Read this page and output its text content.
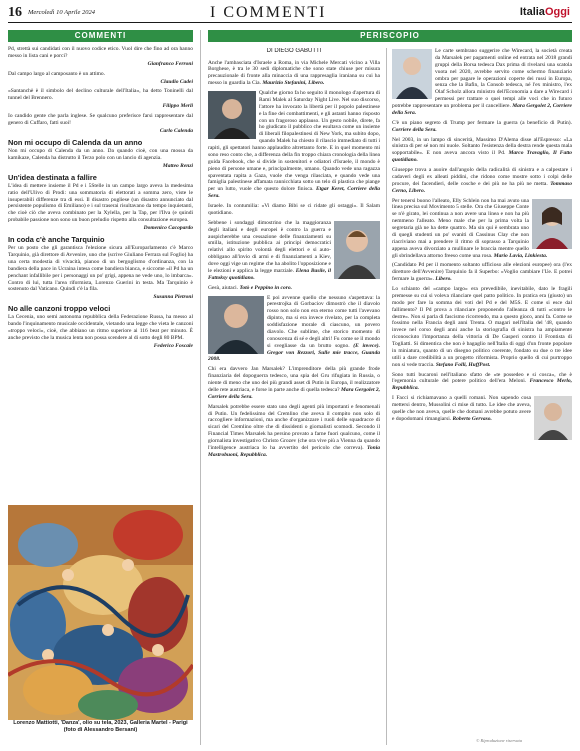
16 Mercoledì 10 Aprile 2024	I COMMENTI	ItaliaOggi
COMMENTI	PERISCOPIO

Pd, strettà sui candidati con il nuovo codice etico. Vuol dire che fino ad ora hanno messo in lista cani e porci?
Gianfranco Ferroni

Dal campo largo al camposanto è un attimo.
Claudio Cadei

«Santanchè è il simbolo del declino culturale dell'Italia», ha detto Toninelli dal tunnel del Brennero.
Filippo Merli

Io candido gente che parla inglese. Se qualcuno preferisce farsi rappresentare dal genero di Cuffaro, fatti suoi!
Carlo Calenda

Non mi occupo di Calenda da un anno

Non mi occupo di Calenda da un anno. Da quando cioè, con una mossa da kamikaze, Calenda ha distrutto il Terzo polo con un lancio di agenzia.
Matteo Renzi

Un'idea destinata a fallire

L'idea di mettere insieme il Pd e i 5Stelle in un campo largo aveva la medesima ratio dell'Ulivo di Prodi: una sommatoria di elettorati a somma zero, viste le insuperabili differenze tra di essi. Il disastro pugliese (un disastro annunciato dal persistente populismo di Emiliano) e i sul traserai risultavano da tempo inquietanti, che cioè ciò che aveva combinato per la Xylella, per la Tap, per l'Ilva (e quindi probabile passione non sono un buon preludio rispetto alla consultazione europea.
Domenico Cacopardo

In coda c'è anche Tarquinio

Per un posto che gli garantisca l'elezione sicura all'Europarlamento c'è Marco Tarquinio, già direttore di Avvenire, uno che (scrive Giuliano Ferrara sul Foglio) ha una certa modestia di vivacità, pianoo di un bergoglismo d'ordinanza, con la bandiera della pace in Ucraina intesa come bandiera bianca, e siccome «il Pd ha un penchant infallibile per i personaggi un po' grigi, appena ne vede uno, lo imbarca». Contro di lui, tutta l'area riformista, Lorenzo Guerini in testa. Ma Tarquinio è sostenuto dal Vaticano. Quindi c'è la fila.
Susanna Pietroni

No alle canzoni troppo veloci

La Cecenia, uno semi autonoma repubblica della Federazione Russa, ha messo al bando l'inquinamento musicale occidentale, vietando una legge che vieta le canzoni «troppo veloci», cioè, che abbiano un ritmo superiore ai 116 beat per minuto. È anche previsto che la musica lenta non possa scendere al di sotto degli 80 BPM.
Federico Foscale

Lorenzo Mattiotti, 'Danza', olio su tela, 2023, Galleria Martel - Parigi (foto di Alessandro Bersani)
DI DIEGO GABUTTI

Anche l'ambasciata d'Israele a Roma, in via Michele Mercati vicino a Villa Borghese, è tra le 30 sedi diplomatiche che sono state chiuse per misura precauzionale di fronte alla minaccia di una rappresaglia iraniana su cui ha messo in guardia la Cia. Maurizio Stefanini, Libero.

Qualche giorno fa ho seguito il monologo d'apertura di Rami Malek al Saturday Night Live. Nel suo discorso, l'attore ha invocato la libertà per il popolo palestinese e la fine dei combattimenti, e gli astanti hanno risposto con un fragoroso applauso. Un gesto nobile, direte, fa ho giudicato il pubblico che esultava come un insieme di liberali filopalestinesi di New York, ma subito dopo, quando Malek ha chiesto il rilascio immediato di tutti i rapiti, gli spettatori hanno applaudito altrettanto forte. E in quel momento mi sono reso conto che, a differenza della fin troppo chiara cronologia della linea guida Facebook, che si divide in sostenitori e odiatori d'Israele, il mondo è pieno di persone umane e, principalmente, umano. Quando vede una ragazza spaventata rapita a Gaza, vuole che venga rilasciata, e quando vede una famiglia palestinese affamata rannicchiata sotto un telo di plastica che piange per un lutto, vuole che questo dolore finisca. Etgar Keret, Corriere della Sera.

Israele. In contumilia: «Vi diamo Bibi se ci ridate gli ostaggi». Il Salam quotidiano.

Sebbene i sondaggi dimostrino che la maggioranza degli italiani e degli europei è contro la guerra e auspicherebbe una cessazione delle finanziamenti su smilla, istituzione pubblica ai principi democratici relativi allo spirito volontà degli elettori e si auto-obbligano all'invio di armi e di finanziamenti a Kiev, dove oggi vige un regime che ha abolito l'opposizione e le elezioni e applica la legge marziale. Elena Basile, il Fattoksy quotidiano.

Gesù, aiutaci. Totò e Peppino in coro.

E poi avvenne quello che nessuno s'aspettava: la perestrojka di Gorbaciov dimostrò che il diavolo rosso non solo non era eterno come tutti l'avevano dipinto, ma si era invece rivelato, per la completa soddisfazione morale di ciascuno, un povero diavolo. Che sublime, che storico momento di conoscenza di sé e degli altri! Fu come se il mondo si svegliasse da un brutto sogno. (E invece). Gregor von Rezzori, Sulle mie tracce, Guanda 2008.

Chi era davvero Jan Marsalek? L'imprenditore della più grande frode finanziaria del dopoguerra tedesco, una spia del Gru rifugiata in Russia, o niente di meno che uno dei più grandi asset di Putin in Europa, il realizzatore delle rete austriaca, e forse in parte anche di quella tedesca? Mara Gergolet 2, Corriere della Sera.

Marsalek potrebbe essere stato uno degli agenti più importanti e fenomenali di Putin. Un fedelissimo del Cremlino che aveva il compito non solo di raccogliere informazioni, ma anche d'organizzare i ruoli delle squadracce di sicari del Cremlino oltre che di dissidenti o giornalisti scomodi. Secondo il Financial Times Marsalek ha persino provato a farne fuori qualcuno, come il giornalista investigativo Christo Grozev (che ora vive più a Vienna da quando l'intelligence austriaca lo ha avvertito del pericolo che correva). Tonia Mastrobuoni, Repubblica.

Le carte sembrano suggerire che Wirecard, la società creata da Marsalek per pagamenti online ed entrata nel 2018 grandi gruppi della Borsa tedesca Dax prima di rivelarsi una scatola vuota nel 2020, avrebbe servito come schermo finanziario ombra per pagare le operazioni coperte dei russi in Europa, senza che la Bafin, la Consob tedesca, né l'ex ministro, l'ex Olaf Scholz allora ministro dell'Economia a dare a Wirecard i permessi per trattare o quei tempi alle voci che in futuro potrebbe rappresentare un problema per il cancelliere. Mara Gergolet 2, Corriere della Sera.

C'è un piano segreto di Trump per fermare la guerra (a beneficio di Putin). Corriere della Sera.

Nel 2003, in un lampo di sincerità, Massimo D'Alema disse all'Espresso: «La sinistra di per sé non mi nuole. Soltanto l'esistenza della destra rende questa mala sopportabile». E non aveva ancora visto il Pd. Marco Travaglio, Il Fatto quotidiano.

Giuseppe trova a auoire dall'angolo della radicalità di sinistra e a calpestare i cadaveri degli ex alleati piddini, che ridono come mostre sotto i colpi delle procure, dei facendieri, delle cosche e dei più ne ha più ne metta. Tommaso Cerno, Libero.

Per tenersi buono l'alleato, Elly Schlein non ha mai avuto una linea precisa sul Movimento 5 stelle. Ora che Giuseppe Conte se n'è girato, lei continua a non avere una linea e non ha più nemmeno l'alleato. Meno male che per la prima volta la segretaria già ne ha dette quattro. Ma sin qui è sembrata uno di quegli studenti un po' svaniti di Cassinus Clay che non riacriviano mai a prendere il ritmo di soprasso a Tarquinio appena aveva divorziato a mullinare le braccia mentre quello gli sbrindellava attorno freeso come una rosa. Mario Lavia, Linkiesta.

(Candidato Pd per il momento soltanto ufficioso alle elezioni europee) ora (l'ex direttore dell'Avvenire) Tarquinio fa il Superbo: «Voglio cambiare l'Ue. E potrei fermare la guerra». Libero.

Lo schianto del «campo largo» era prevedibile, inevitabile, dato le fragili premesse su cui si voleva rilanciare quel patto politico. In pratica era (giusto) un modo per fare la somma dei voti del Pd e del M5S. E come si esce dal fallimento? Il Pd prova a rilanciare proponendo l'alleanza di tutti «contro le destre». Non si parla di fascismo ricorrendo, ma a questo gioco, anni fa. Come se fossimo nella Francia degli anni Trenta. O magari nell'Italia del '48, quando invece nel corso degli anni anche la storiografia di sinistra ha ampiamente riconosciuto l'importanza della vittoria di De Gasperi contro il Frontista di Togliatti. Si dimentica che non è bagaglio nell'Italia di oggi d'un fronte popolare in miniatura, quanto di un disegno politico coerente, fondato su due o tre idee utili a dare credibilità a un progetto riformista. Proprio quello di cui purtroppo non si vede traccia. Stefano Folli, HuffPost.

Sono tutti bucaroni nell'italiano sfatto de «te possedeo e si cosca», che è l'egemonia culturale del potere politico dell'era Meloni. Francesco Merlo, Repubblica.

I Facci si richiamavano a quelli romani. Non sapendo cosa mettersi dentro, Mussolini ci mise di tutto. Le idee che aveva, quelle che non aveva, quelle che domani avrebbe potuto avere e dopodomani rimangiarsi. Roberto Gervaso.

© Riproduzione riservata
